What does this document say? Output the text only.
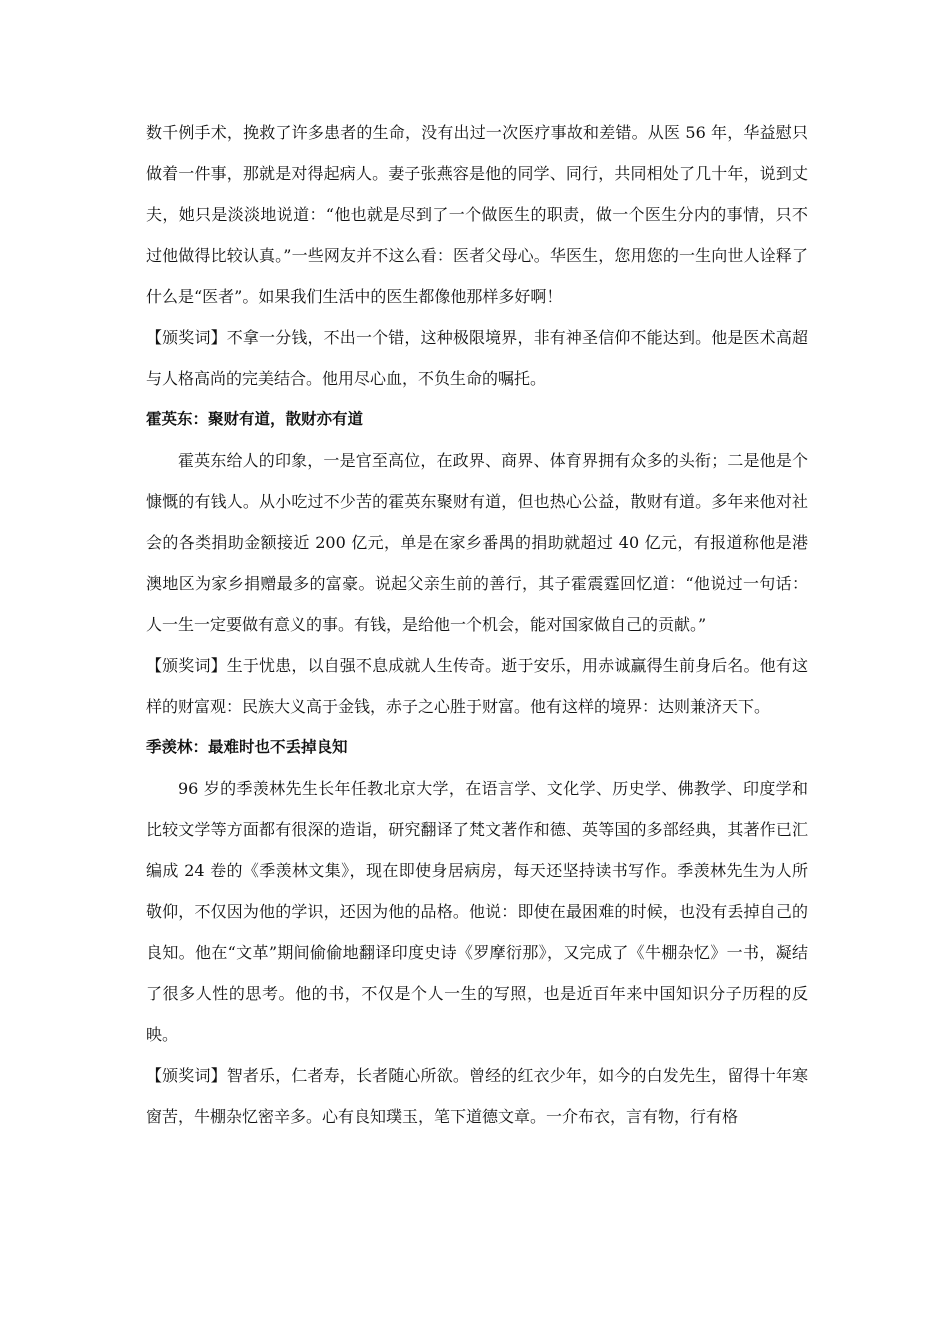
数千例手术，挽救了许多患者的生命，没有出过一次医疗事故和差错。从医 56 年，华益慰只做着一件事，那就是对得起病人。妻子张燕容是他的同学、同行，共同相处了几十年，说到丈夫，她只是淡淡地说道：“他也就是尽到了一个做医生的职责，做一个医生分内的事情，只不过他做得比较认真。”一些网友并不这么看：医者父母心。华医生，您用您的一生向世人诠释了什么是“医者”。如果我们生活中的医生都像他那样多好啊！

【颁奖词】不拿一分钱，不出一个错，这种极限境界，非有神圣信仰不能达到。他是医术高超与人格高尚的完美结合。他用尽心血，不负生命的嘱托。

霍英东：聚财有道，散财亦有道

霍英东给人的印象，一是官至高位，在政界、商界、体育界拥有众多的头衔；二是他是个慷慨的有钱人。从小吃过不少苦的霍英东聚财有道，但也热心公益，散财有道。多年来他对社会的各类捐助金额接近 200 亿元，单是在家乡番禺的捐助就超过 40 亿元，有报道称他是港澳地区为家乡捐赠最多的富豪。说起父亲生前的善行，其子霍震霆回忆道：“他说过一句话：人一生一定要做有意义的事。有钱，是给他一个机会，能对国家做自己的贡献。”

【颁奖词】生于忧患，以自强不息成就人生传奇。逝于安乐，用赤诚赢得生前身后名。他有这样的财富观：民族大义高于金钱，赤子之心胜于财富。他有这样的境界：达则兼济天下。

季羡林：最难时也不丢掉良知

96 岁的季羡林先生长年任教北京大学，在语言学、文化学、历史学、佛教学、印度学和比较文学等方面都有很深的造诣，研究翻译了梵文著作和德、英等国的多部经典，其著作已汇编成 24 卷的《季羡林文集》，现在即使身居病房，每天还坚持读书写作。季羡林先生为人所敬仰，不仅因为他的学识，还因为他的品格。他说：即使在最困难的时候，也没有丢掉自己的良知。他在“文革”期间偷偷地翻译印度史诗《罗摩衍那》，又完成了《牛棚杂忆》一书，凝结了很多人性的思考。他的书，不仅是个人一生的写照，也是近百年来中国知识分子历程的反映。

【颁奖词】智者乐，仁者寿，长者随心所欲。曾经的红衣少年，如今的白发先生，留得十年寒窗苦，牛棚杂忆密辛多。心有良知璞玉，笔下道德文章。一介布衣，言有物，行有格
